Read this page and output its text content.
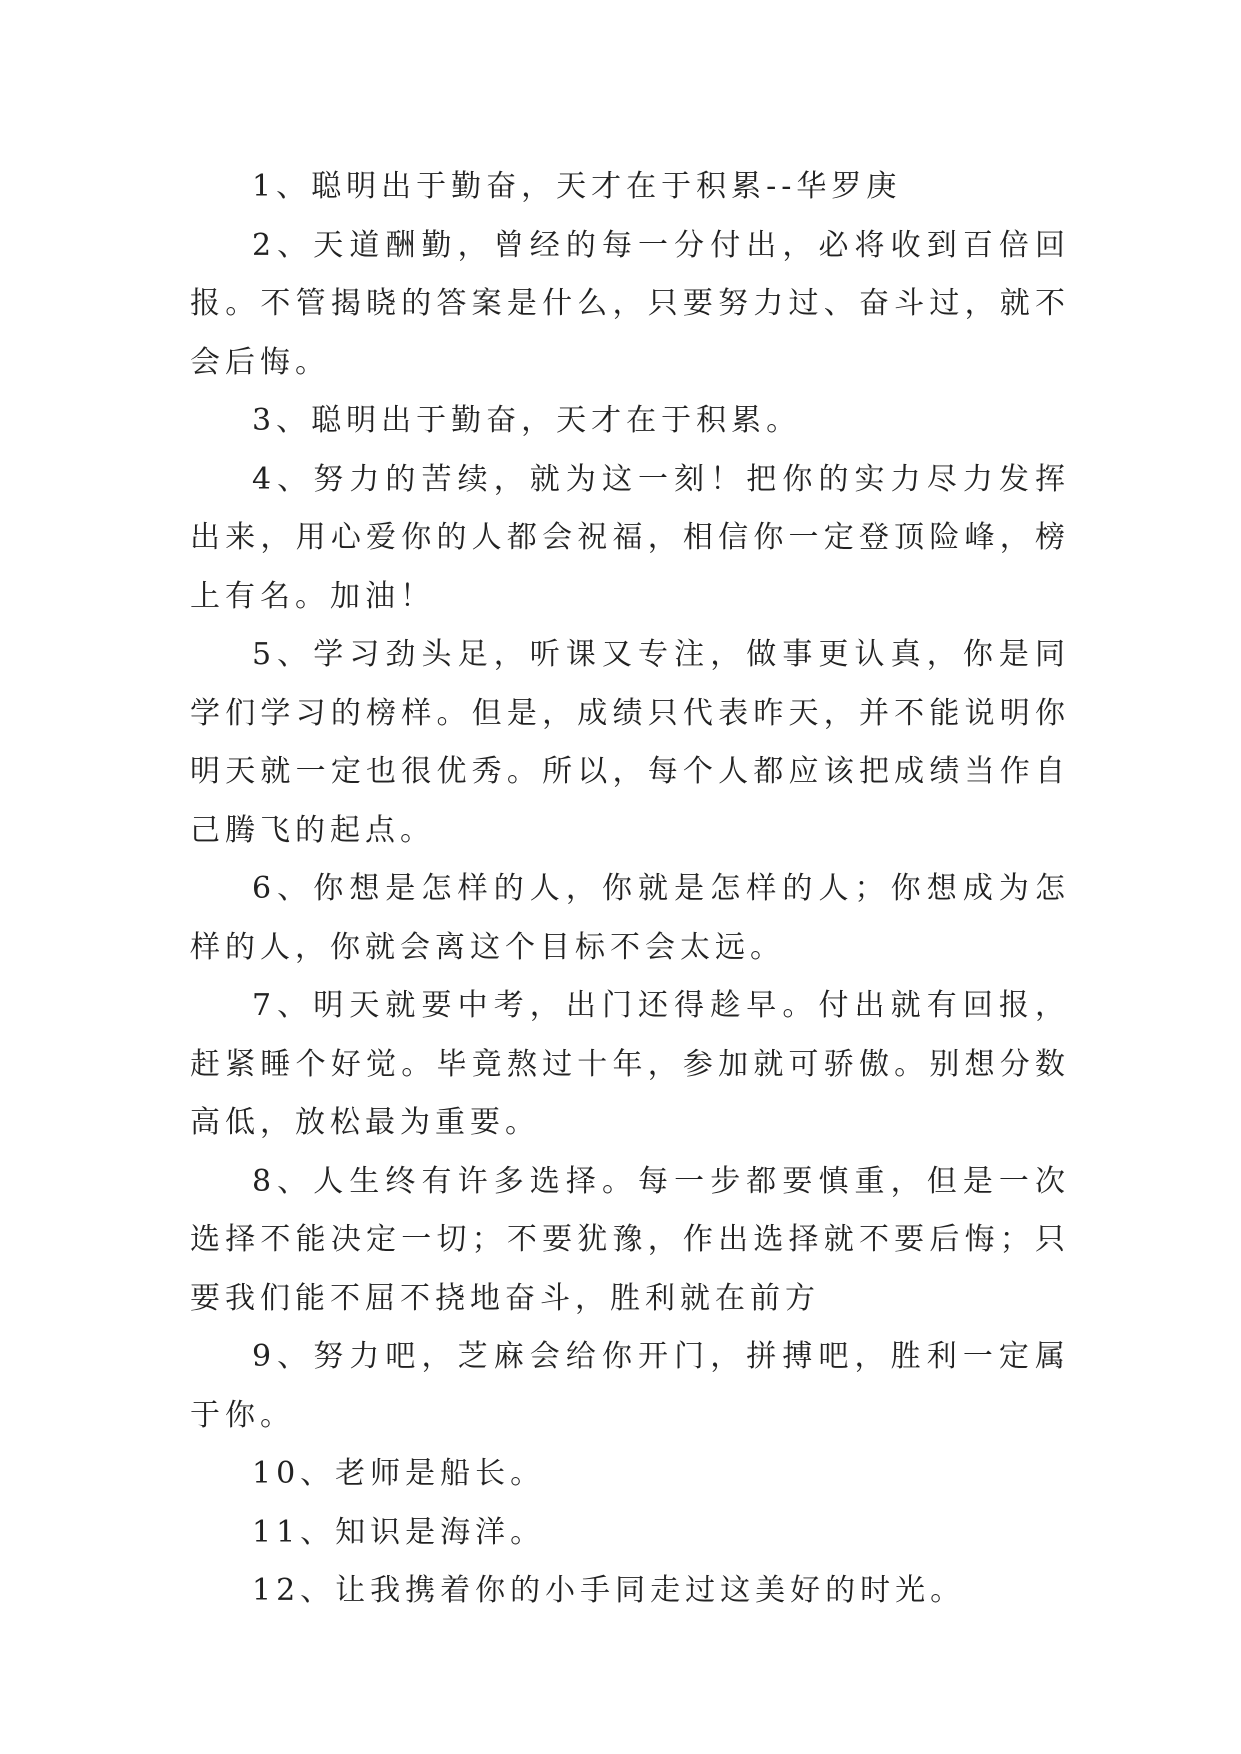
1、聪明出于勤奋，天才在于积累--华罗庚

2、天道酬勤，曾经的每一分付出，必将收到百倍回报。不管揭晓的答案是什么，只要努力过、奋斗过，就不会后悔。

3、聪明出于勤奋，天才在于积累。

4、努力的苦续，就为这一刻！把你的实力尽力发挥出来，用心爱你的人都会祝福，相信你一定登顶险峰，榜上有名。加油！

5、学习劲头足，听课又专注，做事更认真，你是同学们学习的榜样。但是，成绩只代表昨天，并不能说明你明天就一定也很优秀。所以，每个人都应该把成绩当作自己腾飞的起点。

6、你想是怎样的人，你就是怎样的人；你想成为怎样的人，你就会离这个目标不会太远。

7、明天就要中考，出门还得趁早。付出就有回报，赶紧睡个好觉。毕竟熬过十年，参加就可骄傲。别想分数高低，放松最为重要。

8、人生终有许多选择。每一步都要慎重，但是一次选择不能决定一切；不要犹豫，作出选择就不要后悔；只要我们能不屈不挠地奋斗，胜利就在前方

9、努力吧，芝麻会给你开门，拼搏吧，胜利一定属于你。

10、老师是船长。

11、知识是海洋。

12、让我携着你的小手同走过这美好的时光。
